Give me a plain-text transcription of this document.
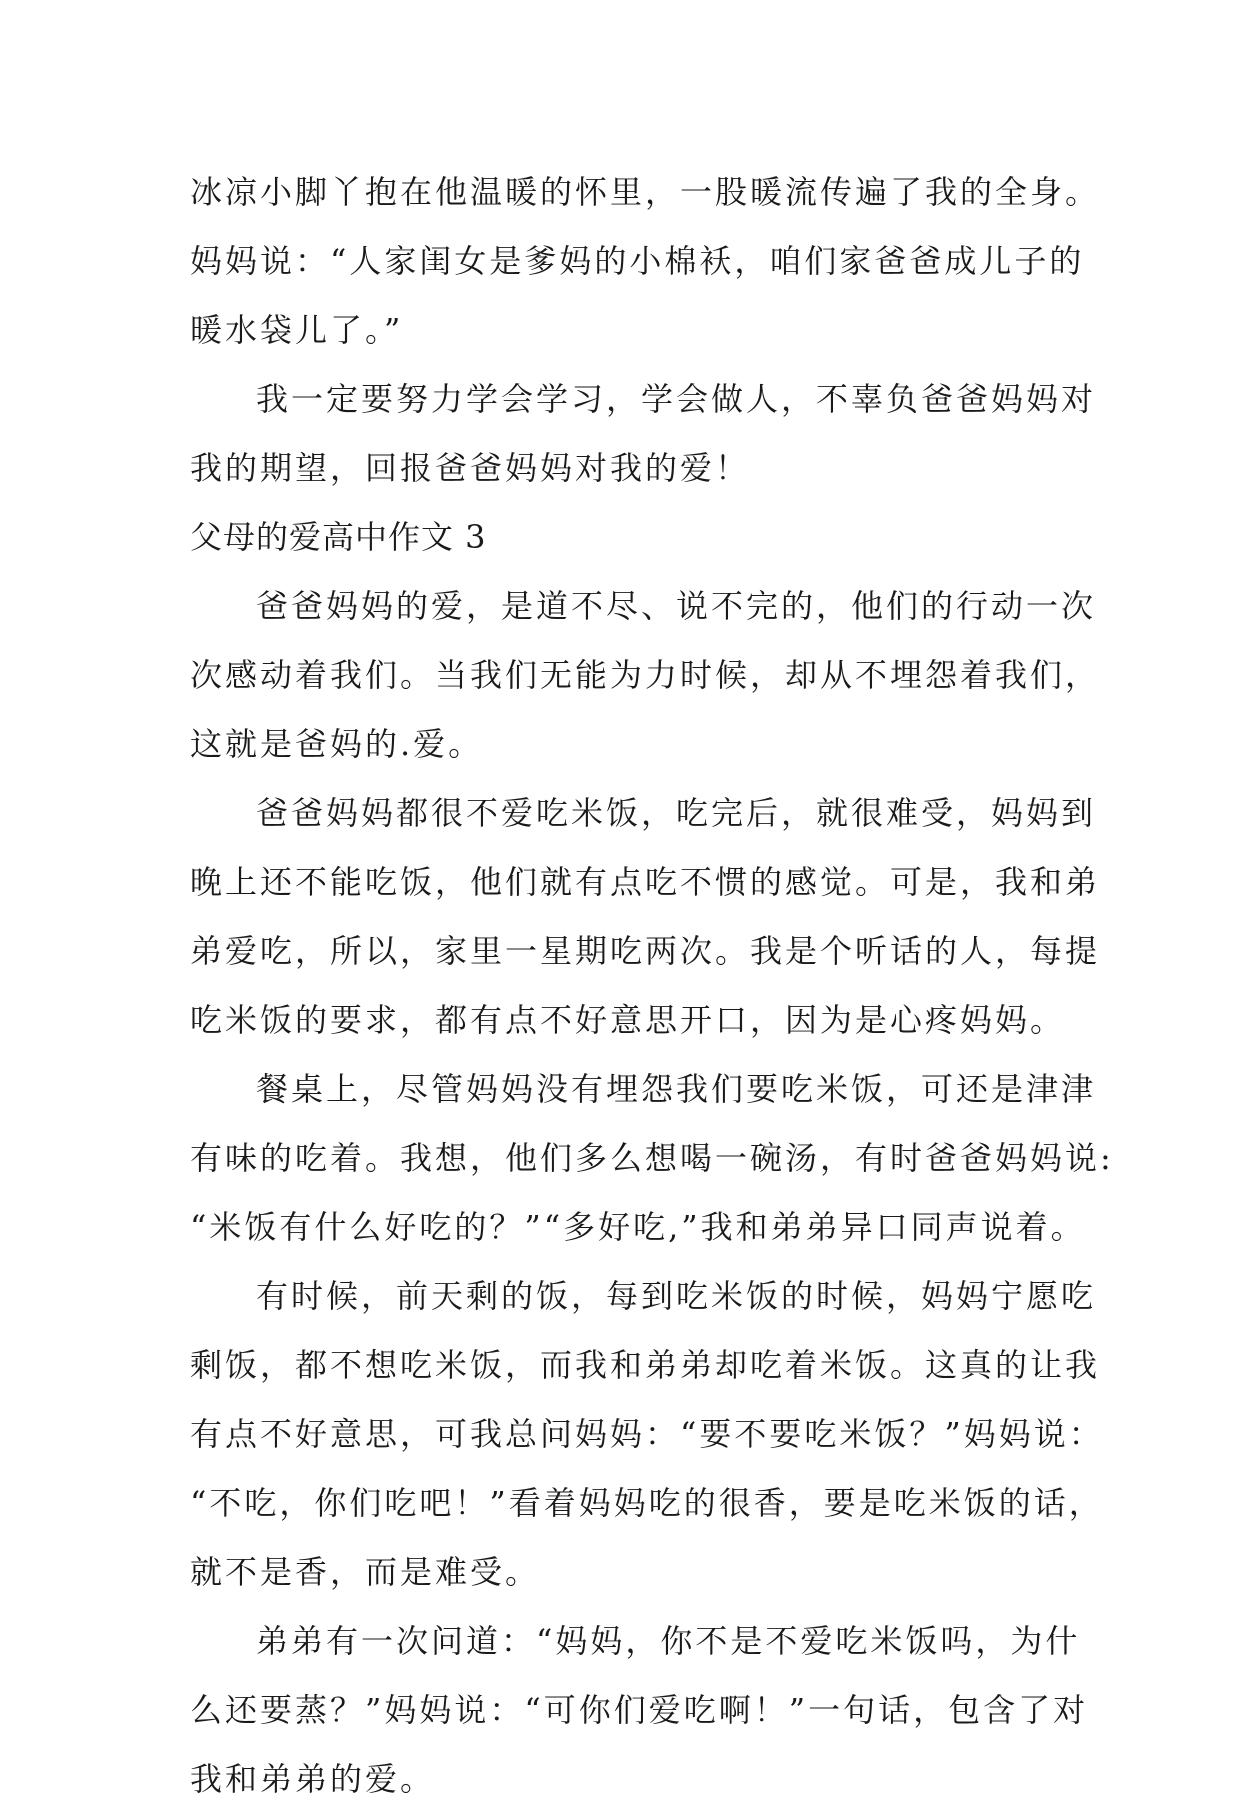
冰凉小脚丫抱在他温暖的怀里，一股暖流传遍了我的全身。
妈妈说：“人家闺女是爹妈的小棉袄，咱们家爸爸成儿子的
暖水袋儿了。”
我一定要努力学会学习，学会做人，不辜负爸爸妈妈对
我的期望，回报爸爸妈妈对我的爱！
父母的爱高中作文 3
爸爸妈妈的爱，是道不尽、说不完的，他们的行动一次
次感动着我们。当我们无能为力时候，却从不埋怨着我们，
这就是爸妈的.爱。
爸爸妈妈都很不爱吃米饭，吃完后，就很难受，妈妈到
晚上还不能吃饭，他们就有点吃不惯的感觉。可是，我和弟
弟爱吃，所以，家里一星期吃两次。我是个听话的人，每提
吃米饭的要求，都有点不好意思开口，因为是心疼妈妈。
餐桌上，尽管妈妈没有埋怨我们要吃米饭，可还是津津
有味的吃着。我想，他们多么想喝一碗汤，有时爸爸妈妈说:
“米饭有什么好吃的？”“多好吃,”我和弟弟异口同声说着。
有时候，前天剩的饭，每到吃米饭的时候，妈妈宁愿吃
剩饭，都不想吃米饭，而我和弟弟却吃着米饭。这真的让我
有点不好意思，可我总问妈妈：“要不要吃米饭？”妈妈说：
“不吃，你们吃吧！”看着妈妈吃的很香，要是吃米饭的话，
就不是香，而是难受。
弟弟有一次问道：“妈妈，你不是不爱吃米饭吗，为什
么还要蒸？”妈妈说：“可你们爱吃啊！”一句话，包含了对
我和弟弟的爱。
